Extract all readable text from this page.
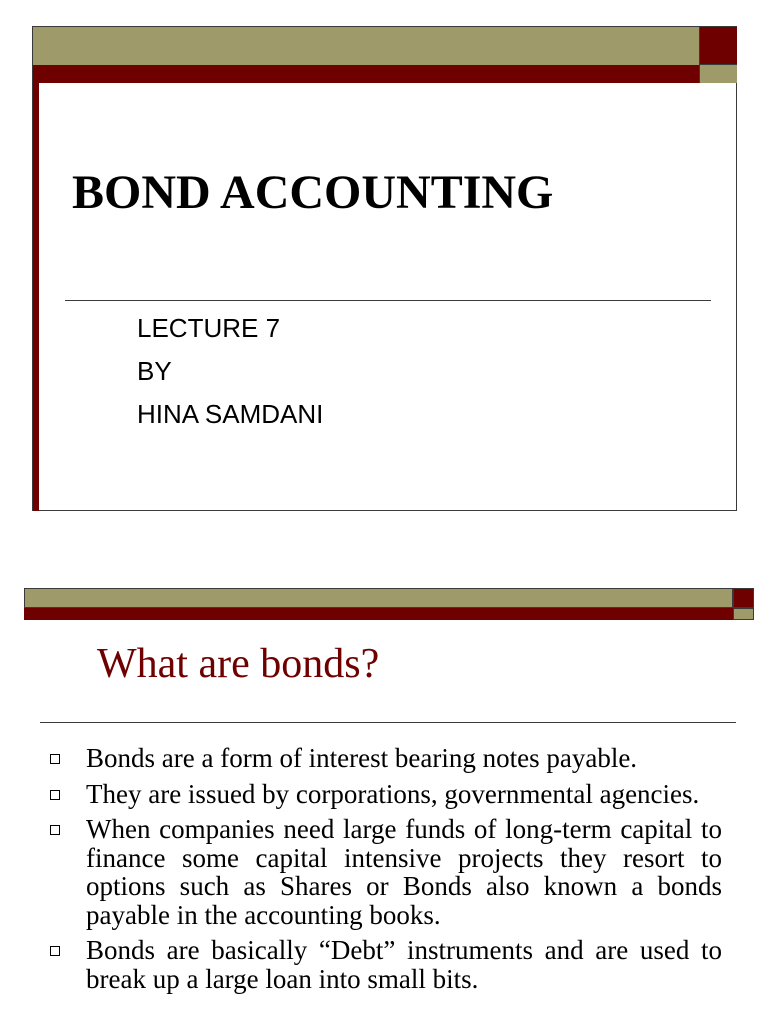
BOND ACCOUNTING
LECTURE 7
BY
HINA SAMDANI
What are bonds?
Bonds are a form of interest bearing notes payable.
They are issued by corporations, governmental agencies.
When companies need large funds of long-term capital to finance some capital intensive projects they resort to options such as Shares or Bonds also known a bonds payable in the accounting books.
Bonds are basically “Debt” instruments and are used to break up a large loan into small bits.
